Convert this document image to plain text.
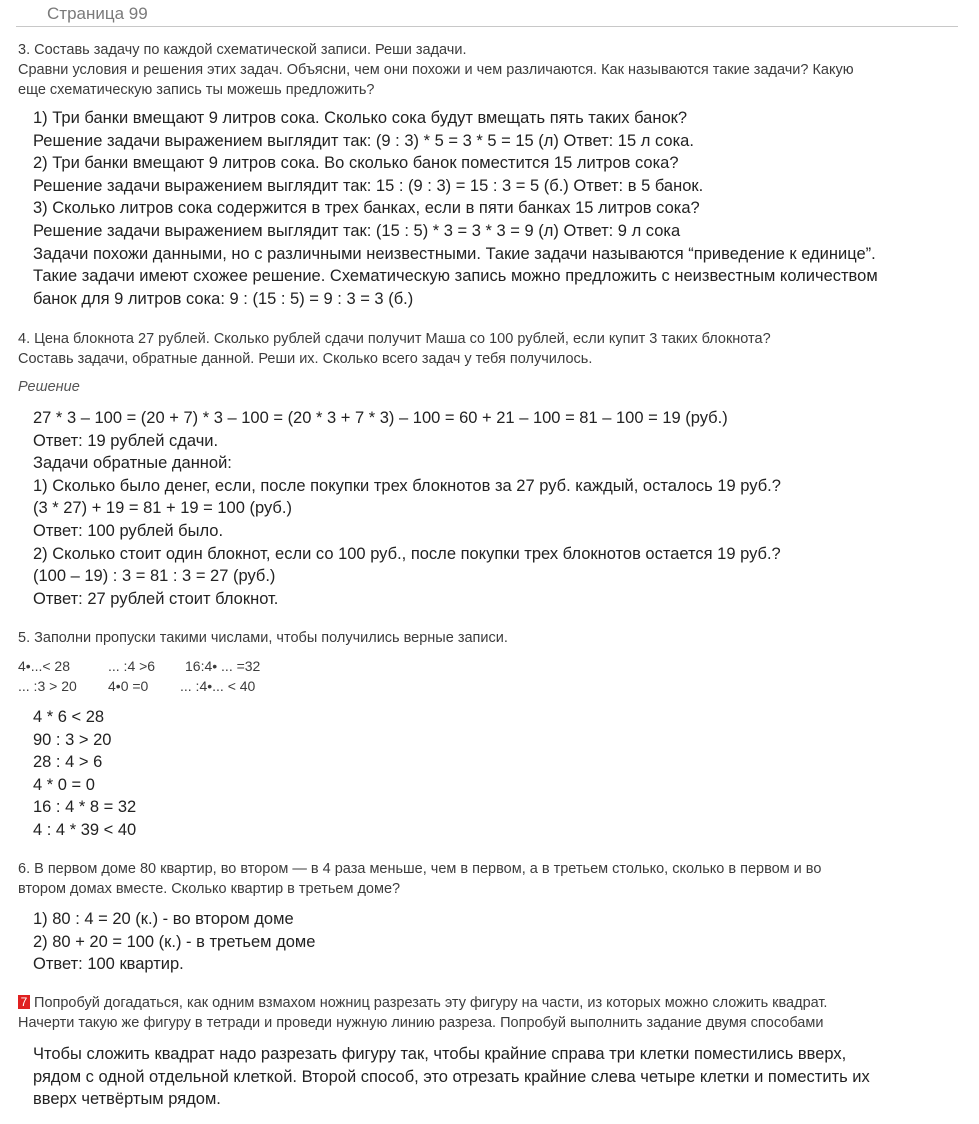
Страница 99
3. Составь задачу по каждой схематической записи. Реши задачи.
Сравни условия и решения этих задач. Объясни, чем они похожи и чем различаются. Как называются такие задачи? Какую
еще схематическую запись ты можешь предложить?
1) Три банки вмещают 9 литров сока. Сколько сока будут вмещать пять таких банок?
Решение задачи выражением выглядит так: (9 : 3) * 5 = 3 * 5 = 15 (л) Ответ: 15 л сока.
2) Три банки вмещают 9 литров сока. Во сколько банок поместится 15 литров сока?
Решение задачи выражением выглядит так: 15 : (9 : 3) = 15 : 3 = 5 (б.) Ответ: в 5 банок.
3) Сколько литров сока содержится в трех банках, если в пяти банках 15 литров сока?
Решение задачи выражением выглядит так: (15 : 5) * 3 = 3 * 3 = 9 (л) Ответ: 9 л сока
Задачи похожи данными, но с различными неизвестными. Такие задачи называются “приведение к единице”.
Такие задачи имеют схожее решение. Схематическую запись можно предложить с неизвестным количеством
банок для 9 литров сока: 9 : (15 : 5) = 9 : 3 = 3 (б.)
4. Цена блокнота 27 рублей. Сколько рублей сдачи получит Маша со 100 рублей, если купит 3 таких блокнота?
Составь задачи, обратные данной. Реши их. Сколько всего задач у тебя получилось.
Решение
27 * 3 – 100 = (20 + 7) * 3 – 100 = (20 * 3 + 7 * 3) – 100 = 60 + 21 – 100 = 81 – 100 = 19 (руб.)
Ответ: 19 рублей сдачи.
Задачи обратные данной:
1) Сколько было денег, если, после покупки трех блокнотов за 27 руб. каждый, осталось 19 руб.?
(3 * 27) + 19 = 81 + 19 = 100 (руб.)
Ответ: 100 рублей было.
2) Сколько стоит один блокнот, если со 100 руб., после покупки трех блокнотов остается 19 руб.?
(100 – 19) : 3 = 81 : 3 = 27 (руб.)
Ответ: 27 рублей стоит блокнот.
5. Заполни пропуски такими числами, чтобы получились верные записи.
4•...< 28	... :4 >6 16:4• ... =32
... :3 > 20 4•0 =0 ... :4•... < 40
4 * 6 < 28
90 : 3 > 20
28 : 4 > 6
4 * 0 = 0
16 : 4 * 8 = 32
4 : 4 * 39 < 40
6. В первом доме 80 квартир, во втором — в 4 раза меньше, чем в первом, а в третьем столько, сколько в первом и во
втором домах вместе. Сколько квартир в третьем доме?
1) 80 : 4 = 20 (к.) - во втором доме
2) 80 + 20 = 100 (к.) - в третьем доме
Ответ: 100 квартир.
7 Попробуй догадаться, как одним взмахом ножниц разрезать эту фигуру на части, из которых можно сложить квадрат.
Начерти такую же фигуру в тетради и проведи нужную линию разреза. Попробуй выполнить задание двумя способами
Чтобы сложить квадрат надо разрезать фигуру так, чтобы крайние справа три клетки поместились вверх,
рядом с одной отдельной клеткой. Второй способ, это отрезать крайние слева четыре клетки и поместить их
вверх четвёртым рядом.
